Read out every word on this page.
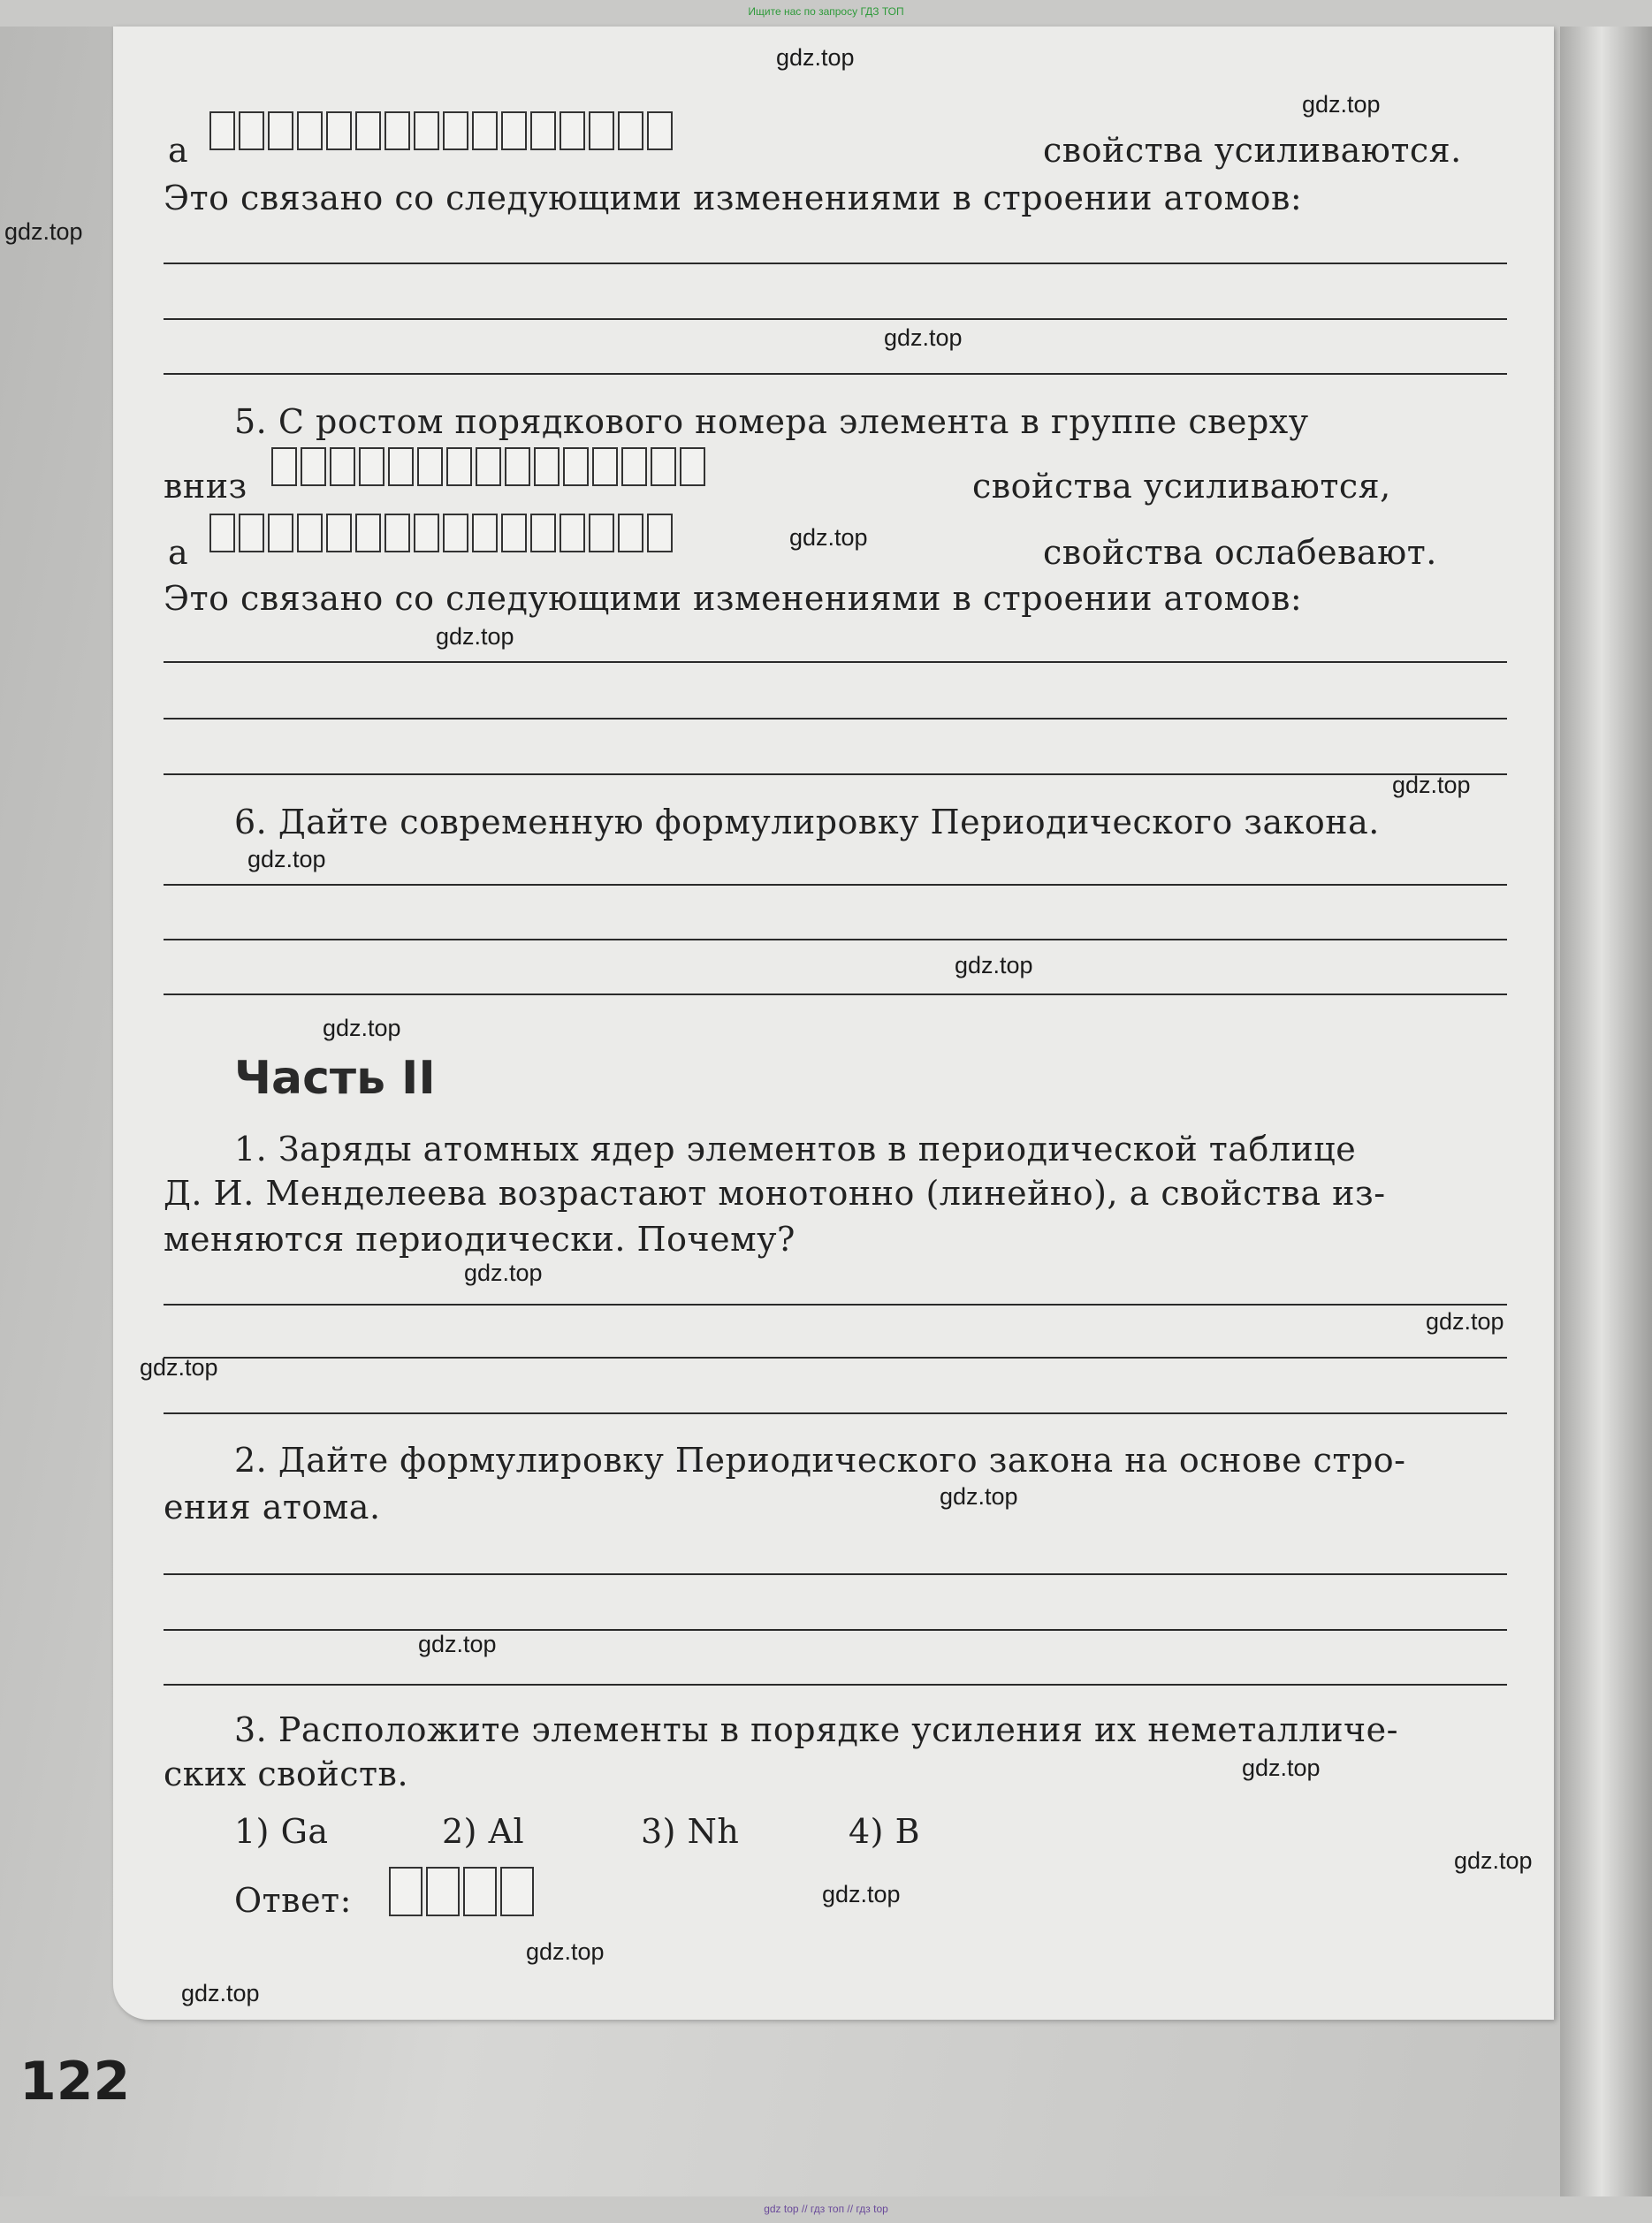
Ищите нас по запросу ГДЗ ТОП
а	свойства усиливаются.
Это связано со следующими изменениями в строении атомов:
5. С ростом порядкового номера элемента в группе сверху
вниз	свойства усиливаются,
а	свойства ослабевают.
Это связано со следующими изменениями в строении атомов:
6. Дайте современную формулировку Периодического закона.
Часть II
1. Заряды атомных ядер элементов в периодической таблице
Д. И. Менделеева возрастают монотонно (линейно), а свойства из-
меняются периодически. Почему?
2. Дайте формулировку Периодического закона на основе стро-
ения атома.
3. Расположите элементы в порядке усиления их неметалличе-
ских свойств.
1) Ga	2) Al	3) Nh	4) B
Ответ:
122
gdz.top
gdz.top
gdz.top
gdz.top
gdz.top
gdz.top
gdz.top
gdz.top
gdz.top
gdz.top
gdz.top
gdz.top
gdz.top
gdz.top
gdz.top
gdz.top
gdz.top
gdz.top
gdz.top
gdz.top
gdz top // гдз топ // гдз top
